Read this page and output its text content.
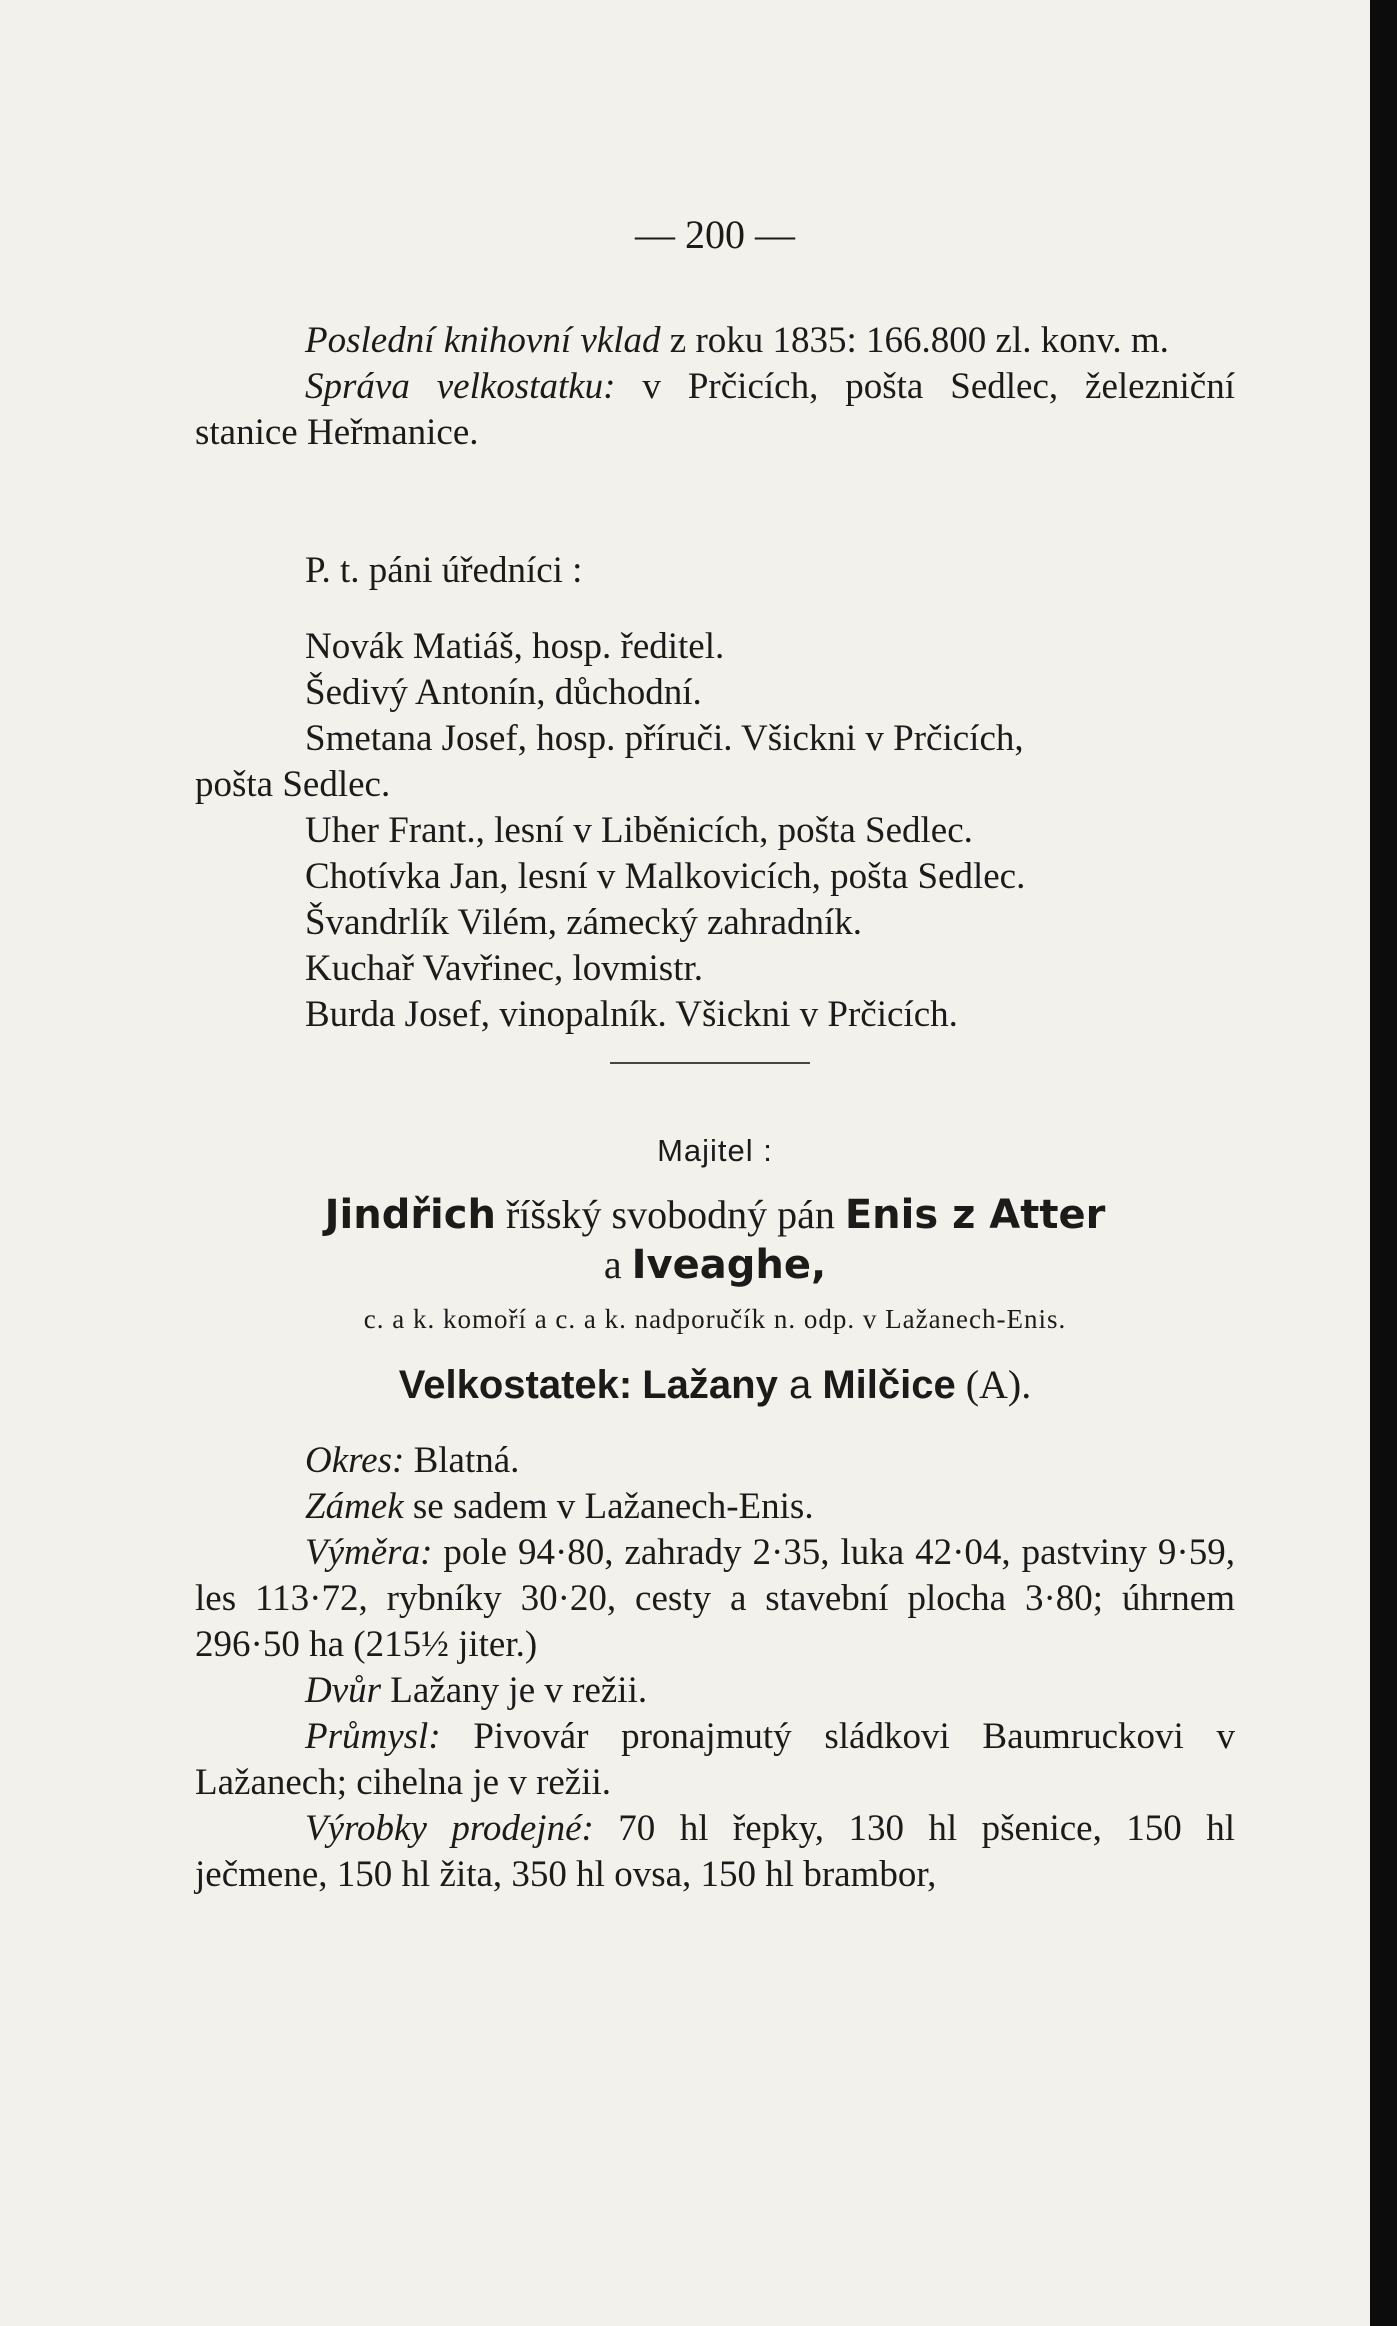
— 200 —

Poslední knihovní vklad z roku 1835: 166.800 zl. konv. m.

Správa velkostatku: v Prčicích, pošta Sedlec, železniční stanice Heřmanice.

P. t. páni úředníci :

Novák Matiáš, hosp. ředitel.
Šedivý Antonín, důchodní.
Smetana Josef, hosp. příruči. Všickni v Prčicích,
pošta Sedlec.
Uher Frant., lesní v Liběnicích, pošta Sedlec.
Chotívka Jan, lesní v Malkovicích, pošta Sedlec.
Švandrlík Vilém, zámecký zahradník.
Kuchař Vavřinec, lovmistr.
Burda Josef, vinopalník. Všickni v Prčicích.
Majitel :
Jindřich říšský svobodný pán Enis z Atter
a Iveaghe,
c. a k. komoří a c. a k. nadporučík n. odp. v Lažanech-Enis.
Velkostatek: Lažany a Milčice (A).

Okres: Blatná.

Zámek se sadem v Lažanech-Enis.

Výměra: pole 94·80, zahrady 2·35, luka 42·04, pastviny 9·59, les 113·72, rybníky 30·20, cesty a stavební plocha 3·80; úhrnem 296·50 ha (215½ jiter.)

Dvůr Lažany je v režii.

Průmysl: Pivovár pronajmutý sládkovi Baumruckovi v Lažanech; cihelna je v režii.

Výrobky prodejné: 70 hl řepky, 130 hl pšenice, 150 hl ječmene, 150 hl žita, 350 hl ovsa, 150 hl brambor,
